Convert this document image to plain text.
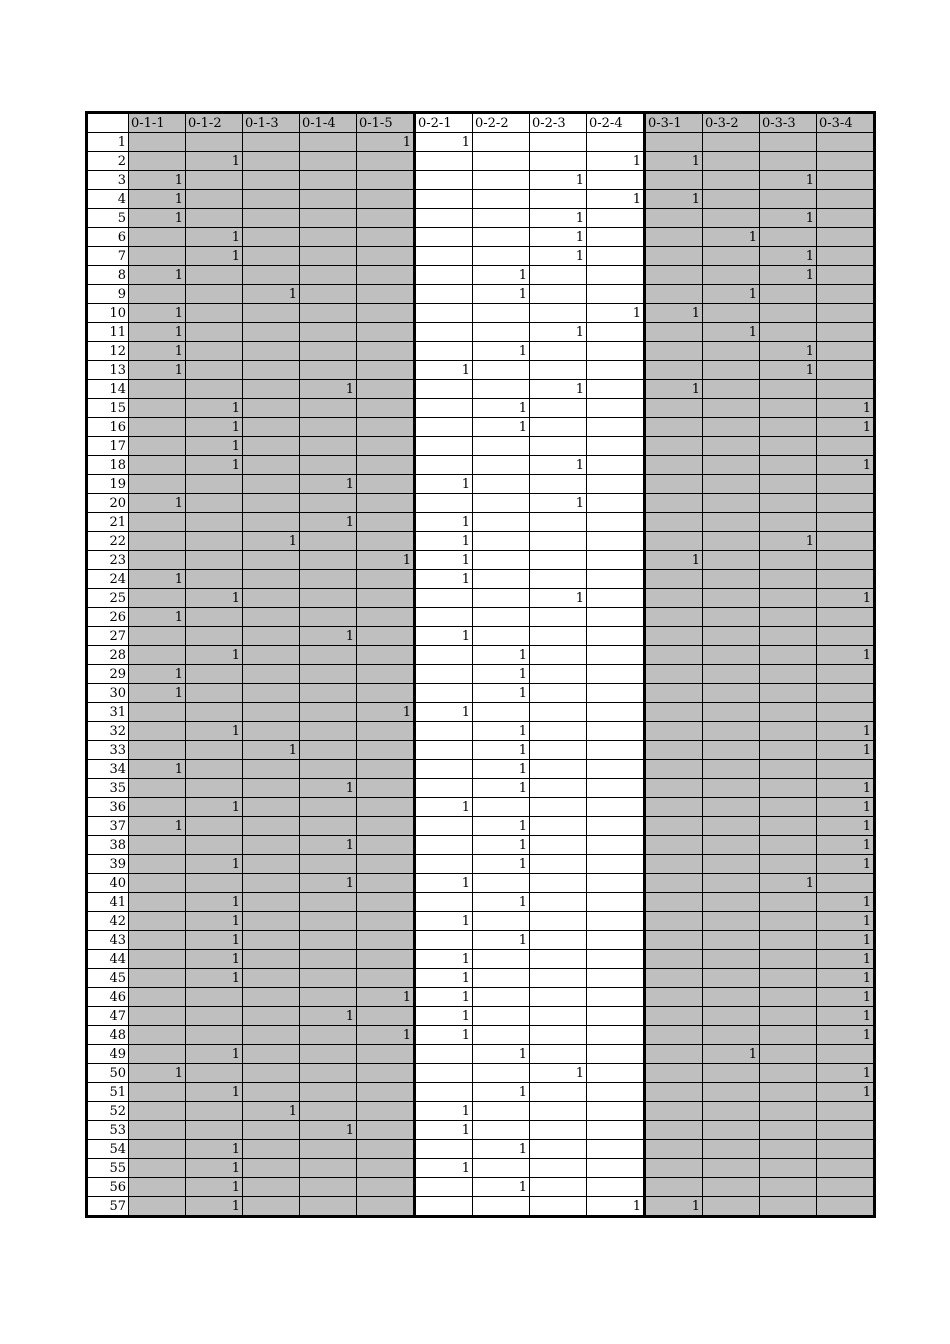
	0-1-1	0-1-2	0-1-3	0-1-4	0-1-5	0-2-1	0-2-2	0-2-3	0-2-4	0-3-1	0-3-2	0-3-3	0-3-4
1					1	1							
2		1							1	1			
3	1							1				1	
4	1								1	1			
5	1							1				1	
6		1						1			1		
7		1						1				1	
8	1						1					1	
9			1				1				1		
10	1								1	1			
11	1							1			1		
12	1						1					1	
13	1					1						1	
14				1				1		1			
15		1					1						1
16		1					1						1
17		1											
18		1						1					1
19				1		1							
20	1							1					
21				1		1							
22			1			1						1	
23					1	1				1			
24	1					1							
25		1						1					1
26	1												
27				1		1							
28		1					1						1
29	1						1						
30	1						1						
31					1	1							
32		1					1						1
33			1				1						1
34	1						1						
35				1			1						1
36		1				1							1
37	1						1						1
38				1			1						1
39		1					1						1
40				1		1						1	
41		1					1						1
42		1				1							1
43		1					1						1
44		1				1							1
45		1				1							1
46					1	1							1
47				1		1							1
48					1	1							1
49		1					1				1		
50	1							1					1
51		1					1						1
52			1			1							
53				1		1							
54		1					1						
55		1				1							
56		1					1						
57		1							1	1			
